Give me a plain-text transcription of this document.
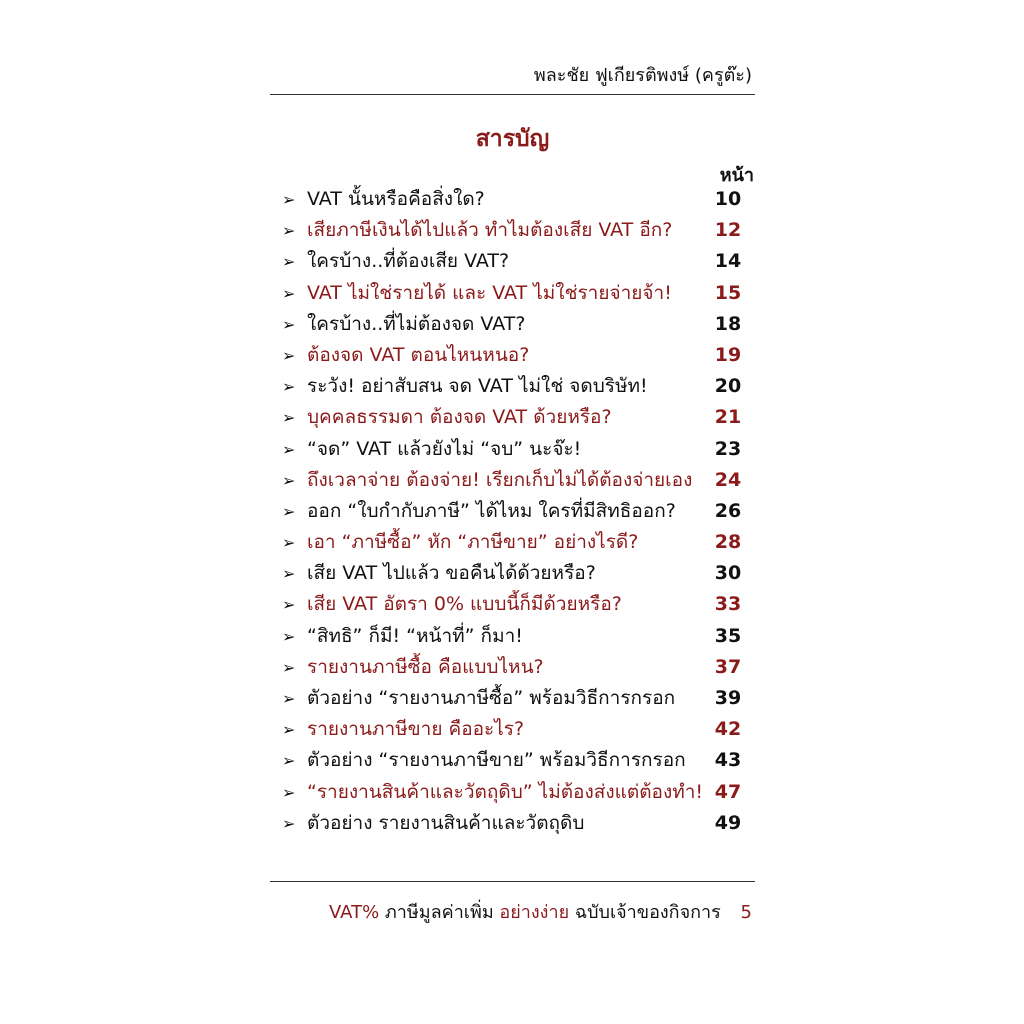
พละชัย ฟูเกียรติพงษ์ (ครูต๊ะ)
สารบัญ
หน้า
➢ VAT นั้นหรือคือสิ่งใด?	10
➢ เสียภาษีเงินได้ไปแล้ว ทำไมต้องเสีย VAT อีก? 12
➢ ใครบ้าง..ที่ต้องเสีย VAT?	14
➢ VAT ไม่ใช่รายได้ และ VAT ไม่ใช่รายจ่ายจ้า! 15
➢ ใครบ้าง..ที่ไม่ต้องจด VAT?	18
➢ ต้องจด VAT ตอนไหนหนอ?	19
➢ ระวัง! อย่าสับสน จด VAT ไม่ใช่ จดบริษัท!	20
➢ บุคคลธรรมดา ต้องจด VAT ด้วยหรือ?	21
➢ “จด” VAT แล้วยังไม่ “จบ” นะจ๊ะ!	23
➢ ถึงเวลาจ่าย ต้องจ่าย! เรียกเก็บไม่ได้ต้องจ่ายเอง 24
➢ ออก “ใบกำกับภาษี” ได้ไหม ใครที่มีสิทธิออก? 26
➢ เอา “ภาษีซื้อ” หัก “ภาษีขาย” อย่างไรดี?	28
➢ เสีย VAT ไปแล้ว ขอคืนได้ด้วยหรือ?	30
➢ เสีย VAT อัตรา 0% แบบนี้ก็มีด้วยหรือ?	33
➢ “สิทธิ” ก็มี! “หน้าที่” ก็มา!	35
➢ รายงานภาษีซื้อ คือแบบไหน?	37
➢ ตัวอย่าง “รายงานภาษีซื้อ” พร้อมวิธีการกรอก 39
➢ รายงานภาษีขาย คืออะไร?	42
➢ ตัวอย่าง “รายงานภาษีขาย” พร้อมวิธีการกรอก 43
➢ “รายงานสินค้าและวัตถุดิบ” ไม่ต้องส่งแต่ต้องทำ! 47
➢ ตัวอย่าง รายงานสินค้าและวัตถุดิบ	49
VAT% ภาษีมูลค่าเพิ่ม อย่างง่าย ฉบับเจ้าของกิจการ 5
